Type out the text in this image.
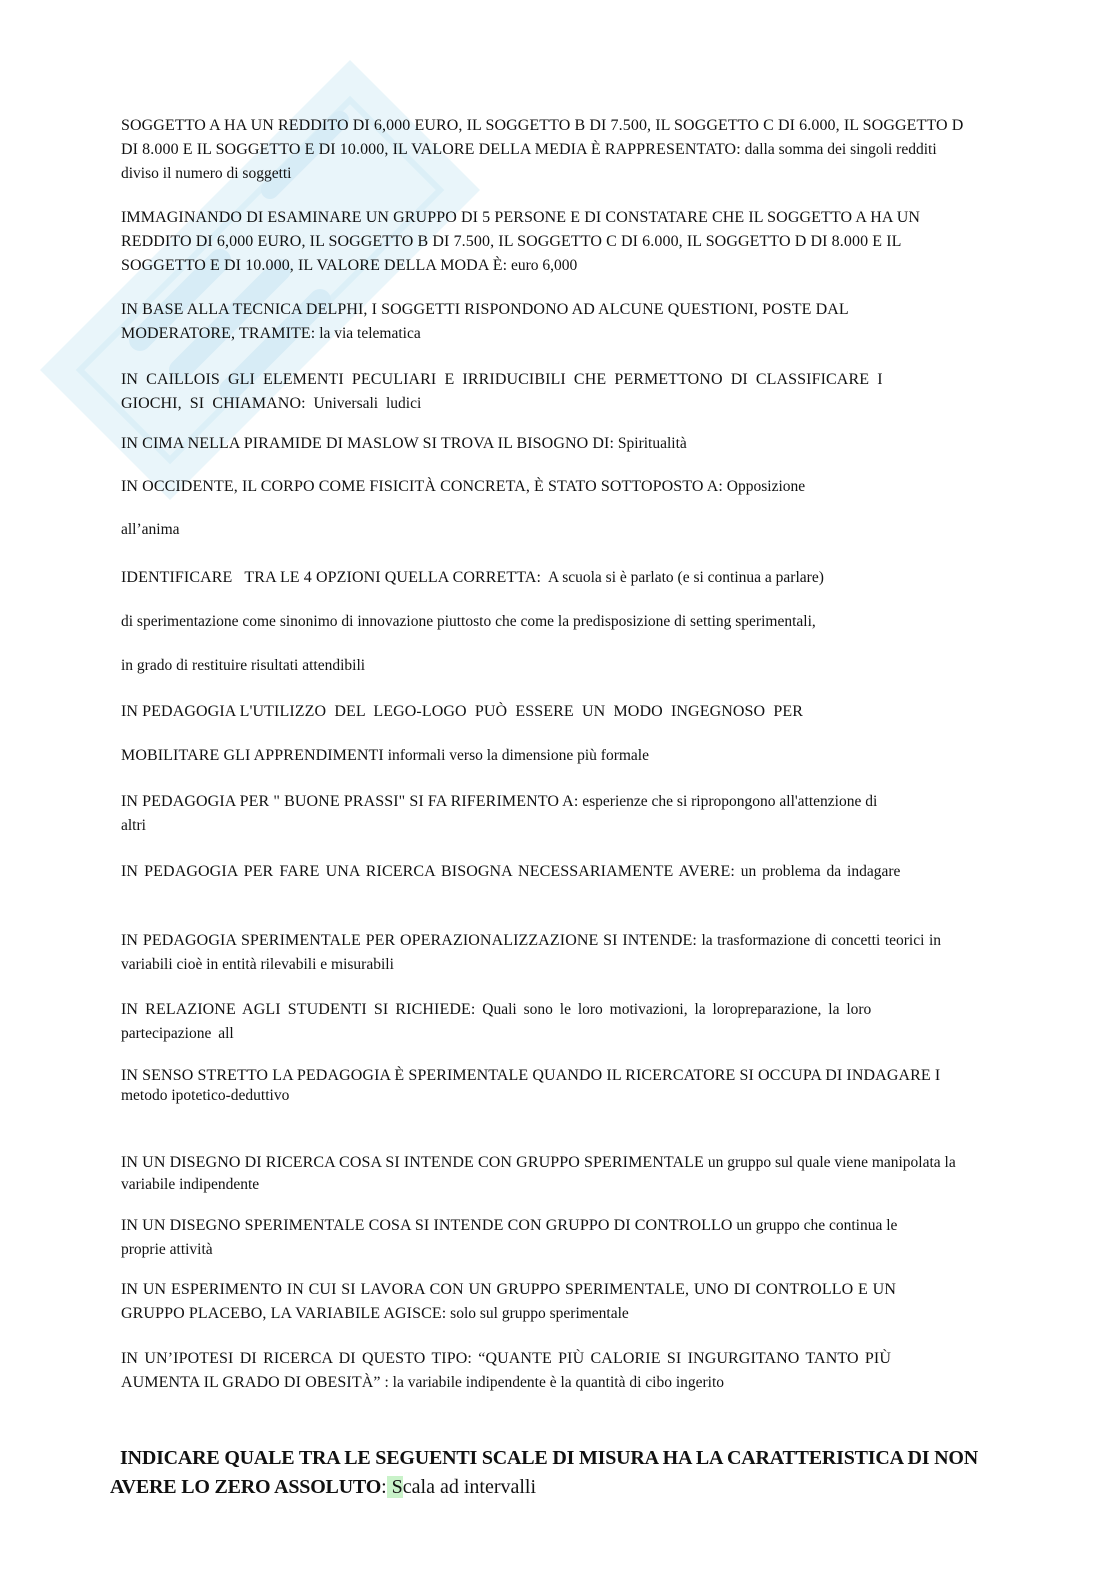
SOGGETTO A HA UN REDDITO DI 6,000 EURO, IL SOGGETTO B DI 7.500, IL SOGGETTO C DI 6.000, IL SOGGETTO D DI 8.000 E IL SOGGETTO E DI 10.000, IL VALORE DELLA MEDIA È RAPPRESENTATO: dalla somma dei singoli redditi diviso il numero di soggetti

IMMAGINANDO DI ESAMINARE UN GRUPPO DI 5 PERSONE E DI CONSTATARE CHE IL SOGGETTO A HA UN REDDITO DI 6,000 EURO, IL SOGGETTO B DI 7.500, IL SOGGETTO C DI 6.000, IL SOGGETTO D DI 8.000 E IL SOGGETTO E DI 10.000, IL VALORE DELLA MODA È: euro 6,000

IN BASE ALLA TECNICA DELPHI, I SOGGETTI RISPONDONO AD ALCUNE QUESTIONI, POSTE DAL MODERATORE, TRAMITE: la via telematica

IN CAILLOIS GLI ELEMENTI PECULIARI E IRRIDUCIBILI CHE PERMETTONO DI CLASSIFICARE I GIOCHI, SI CHIAMANO: Universali ludici

IN CIMA NELLA PIRAMIDE DI MASLOW SI TROVA IL BISOGNO DI: Spiritualità

IN OCCIDENTE, IL CORPO COME FISICITÀ CONCRETA, È STATO SOTTOPOSTO A: Opposizione

all’anima

IDENTIFICARE   TRA LE 4 OPZIONI QUELLA CORRETTA:  A scuola si è parlato (e si continua a parlare)

di sperimentazione come sinonimo di innovazione piuttosto che come la predisposizione di setting sperimentali,

in grado di restituire risultati attendibili

IN PEDAGOGIA L'UTILIZZO  DEL  LEGO-LOGO  PUÒ  ESSERE  UN  MODO  INGEGNOSO  PER

MOBILITARE GLI APPRENDIMENTI informali verso la dimensione più formale

IN PEDAGOGIA PER " BUONE PRASSI" SI FA RIFERIMENTO A: esperienze che si ripropongono all'attenzione di altri

IN PEDAGOGIA PER FARE UNA RICERCA BISOGNA NECESSARIAMENTE AVERE: un problema da indagare

IN PEDAGOGIA SPERIMENTALE PER OPERAZIONALIZZAZIONE SI INTENDE: la trasformazione di concetti teorici in variabili cioè in entità rilevabili e misurabili

IN RELAZIONE AGLI STUDENTI SI RICHIEDE: Quali sono le loro motivazioni, la loropreparazione, la loro partecipazione all

IN SENSO STRETTO LA PEDAGOGIA È SPERIMENTALE QUANDO IL RICERCATORE SI OCCUPA DI INDAGARE I
metodo ipotetico-deduttivo

IN UN DISEGNO DI RICERCA COSA SI INTENDE CON GRUPPO SPERIMENTALE un gruppo sul quale viene manipolata la variabile indipendente

IN UN DISEGNO SPERIMENTALE COSA SI INTENDE CON GRUPPO DI CONTROLLO un gruppo che continua le proprie attività

IN UN ESPERIMENTO IN CUI SI LAVORA CON UN GRUPPO SPERIMENTALE, UNO DI CONTROLLO E UN GRUPPO PLACEBO, LA VARIABILE AGISCE: solo sul gruppo sperimentale

IN UN’IPOTESI DI RICERCA DI QUESTO TIPO: “QUANTE PIÙ CALORIE SI INGURGITANO TANTO PIÙ AUMENTA IL GRADO DI OBESITÀ” : la variabile indipendente è la quantità di cibo ingerito

INDICARE QUALE TRA LE SEGUENTI SCALE DI MISURA HA LA CARATTERISTICA DI NON AVERE LO ZERO ASSOLUTO: Scala ad intervalli
